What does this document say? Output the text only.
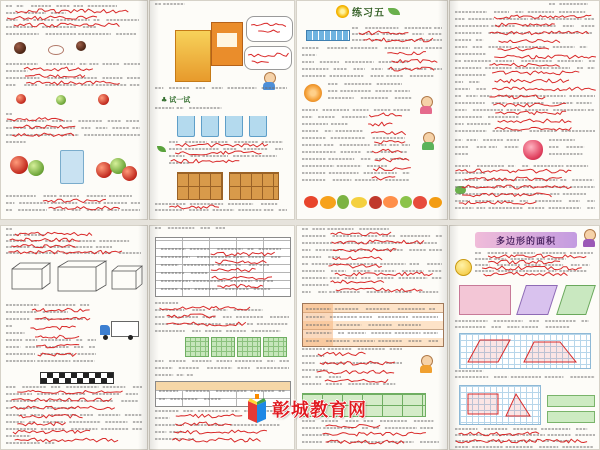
♣ 试一试
练习五
多边形的面积
彰城教育网
